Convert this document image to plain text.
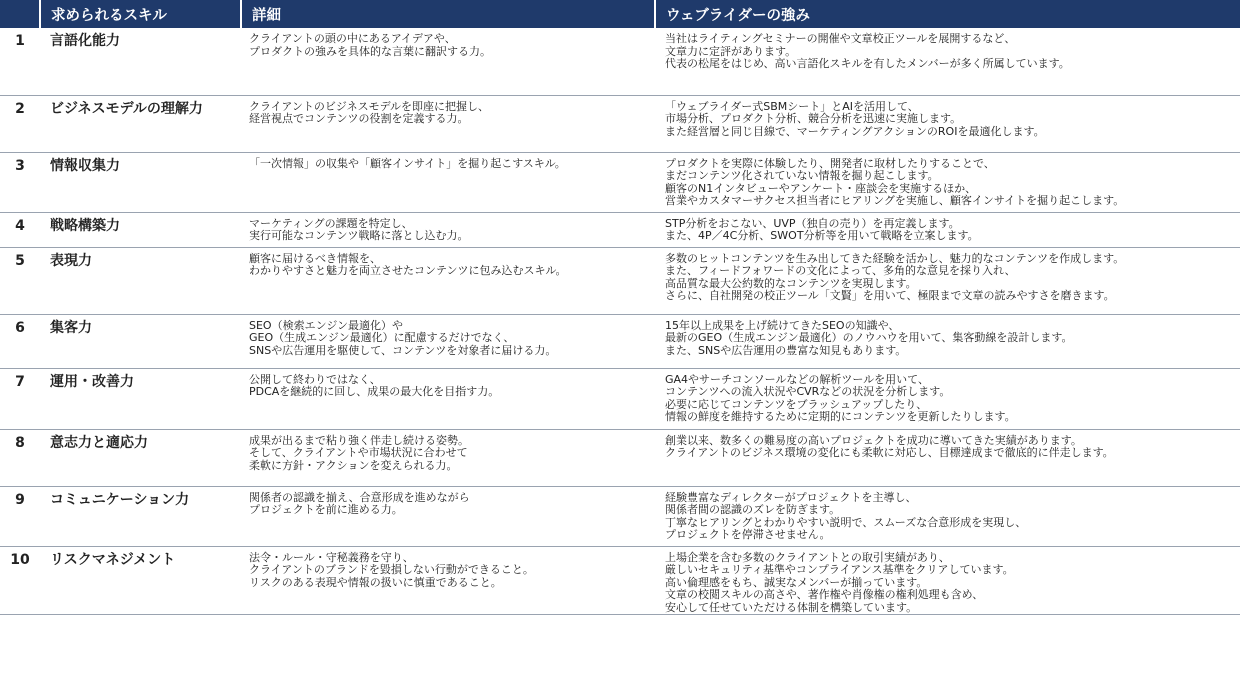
	求められるスキル	詳細	ウェブライダーの強み
1	言語化能力	クライアントの頭の中にあるアイデアや、
プロダクトの強みを具体的な言葉に翻訳する力。	当社はライティングセミナーの開催や文章校正ツールを展開するなど、
文章力に定評があります。
代表の松尾をはじめ、高い言語化スキルを有したメンバーが多く所属しています。

2	ビジネスモデルの理解力	クライアントのビジネスモデルを即座に把握し、
経営視点でコンテンツの役割を定義する力。	「ウェブライダー式SBMシート」とAIを活用して、
市場分析、プロダクト分析、競合分析を迅速に実施します。
また経営層と同じ目線で、マーケティングアクションのROIを最適化します。

3	情報収集力	「一次情報」の収集や「顧客インサイト」を掘り起こすスキル。	プロダクトを実際に体験したり、開発者に取材したりすることで、
まだコンテンツ化されていない情報を掘り起こします。
顧客のN1インタビューやアンケート・座談会を実施するほか、
営業やカスタマーサクセス担当者にヒアリングを実施し、顧客インサイトを掘り起こします。

4	戦略構築力	マーケティングの課題を特定し、
実行可能なコンテンツ戦略に落とし込む力。	STP分析をおこない、UVP（独自の売り）を再定義します。
また、4P／4C分析、SWOT分析等を用いて戦略を立案します。

5	表現力	顧客に届けるべき情報を、
わかりやすさと魅力を両立させたコンテンツに包み込むスキル。	多数のヒットコンテンツを生み出してきた経験を活かし、魅力的なコンテンツを作成します。
また、フィードフォワードの文化によって、多角的な意見を採り入れ、
高品質な最大公約数的なコンテンツを実現します。
さらに、自社開発の校正ツール「文賢」を用いて、極限まで文章の読みやすさを磨きます。

6	集客力	SEO（検索エンジン最適化）や
GEO（生成エンジン最適化）に配慮するだけでなく、
SNSや広告運用を駆使して、コンテンツを対象者に届ける力。	15年以上成果を上げ続けてきたSEOの知識や、
最新のGEO（生成エンジン最適化）のノウハウを用いて、集客動線を設計します。
また、SNSや広告運用の豊富な知見もあります。

7	運用・改善力	公開して終わりではなく、
PDCAを継続的に回し、成果の最大化を目指す力。	GA4やサーチコンソールなどの解析ツールを用いて、
コンテンツへの流入状況やCVRなどの状況を分析します。
必要に応じてコンテンツをブラッシュアップしたり、
情報の鮮度を維持するために定期的にコンテンツを更新したりします。

8	意志力と適応力	成果が出るまで粘り強く伴走し続ける姿勢。
そして、クライアントや市場状況に合わせて
柔軟に方針・アクションを変えられる力。	創業以来、数多くの難易度の高いプロジェクトを成功に導いてきた実績があります。
クライアントのビジネス環境の変化にも柔軟に対応し、目標達成まで徹底的に伴走します。

9	コミュニケーション力	関係者の認識を揃え、合意形成を進めながら
プロジェクトを前に進める力。	経験豊富なディレクターがプロジェクトを主導し、
関係者間の認識のズレを防ぎます。
丁寧なヒアリングとわかりやすい説明で、スムーズな合意形成を実現し、
プロジェクトを停滞させません。

10	リスクマネジメント	法令・ルール・守秘義務を守り、
クライアントのブランドを毀損しない行動ができること。
リスクのある表現や情報の扱いに慎重であること。	上場企業を含む多数のクライアントとの取引実績があり、
厳しいセキュリティ基準やコンプライアンス基準をクリアしています。
高い倫理感をもち、誠実なメンバーが揃っています。
文章の校閲スキルの高さや、著作権や肖像権の権利処理も含め、
安心して任せていただける体制を構築しています。
